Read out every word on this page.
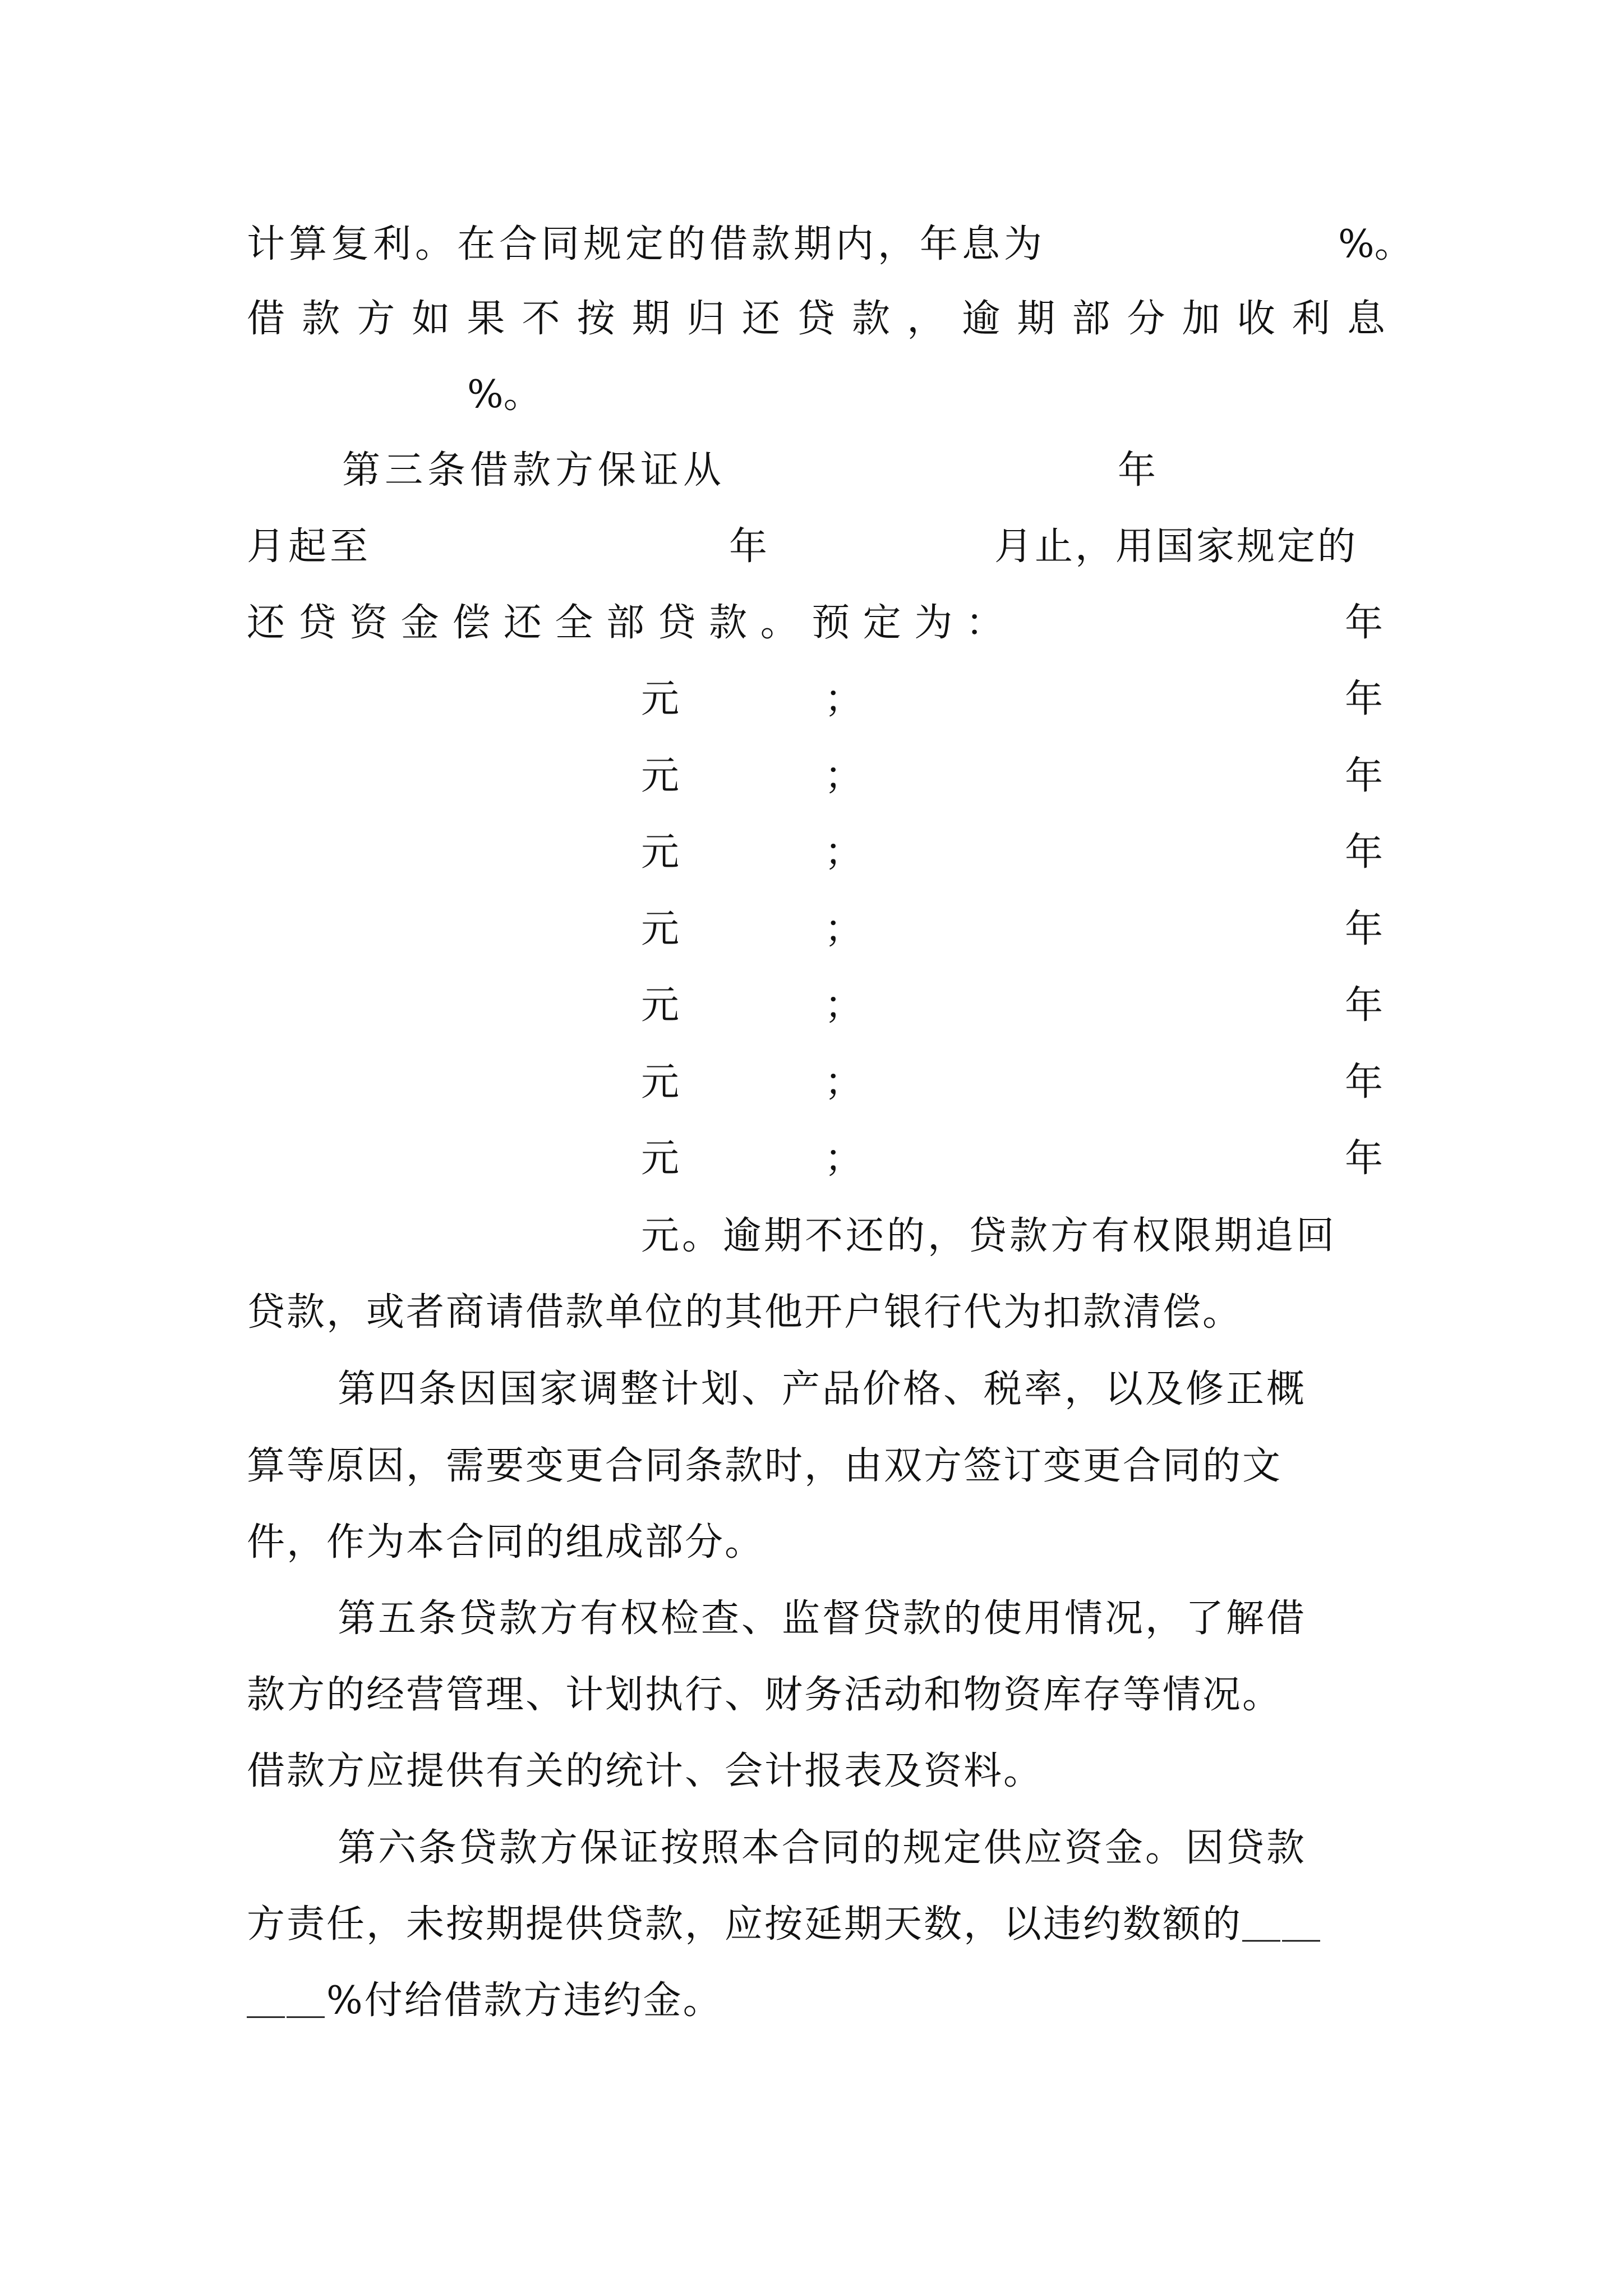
计算复利。在合同规定的借款期内，年息为	%。
借 款 方 如 果 不 按 期 归 还 贷 款 ， 逾 期 部 分 加 收 利 息
%。
第三条借款方保证从	年
月起至	年	月止，用国家规定的
还 贷 资 金 偿 还 全 部 贷 款 。 预 定 为 ：	年
元	；	年
元	；	年
元	；	年
元	；	年
元	；	年
元	；	年
元	；	年
元。逾期不还的，贷款方有权限期追回
贷款，或者商请借款单位的其他开户银行代为扣款清偿。
第四条因国家调整计划、产品价格、税率，以及修正概
算等原因，需要变更合同条款时，由双方签订变更合同的文
件，作为本合同的组成部分。
第五条贷款方有权检查、监督贷款的使用情况，了解借
款方的经营管理、计划执行、财务活动和物资库存等情况。
借款方应提供有关的统计、会计报表及资料。
第六条贷款方保证按照本合同的规定供应资金。因贷款
方责任，未按期提供贷款，应按延期天数，以违约数额的＿＿
＿＿%付给借款方违约金。
